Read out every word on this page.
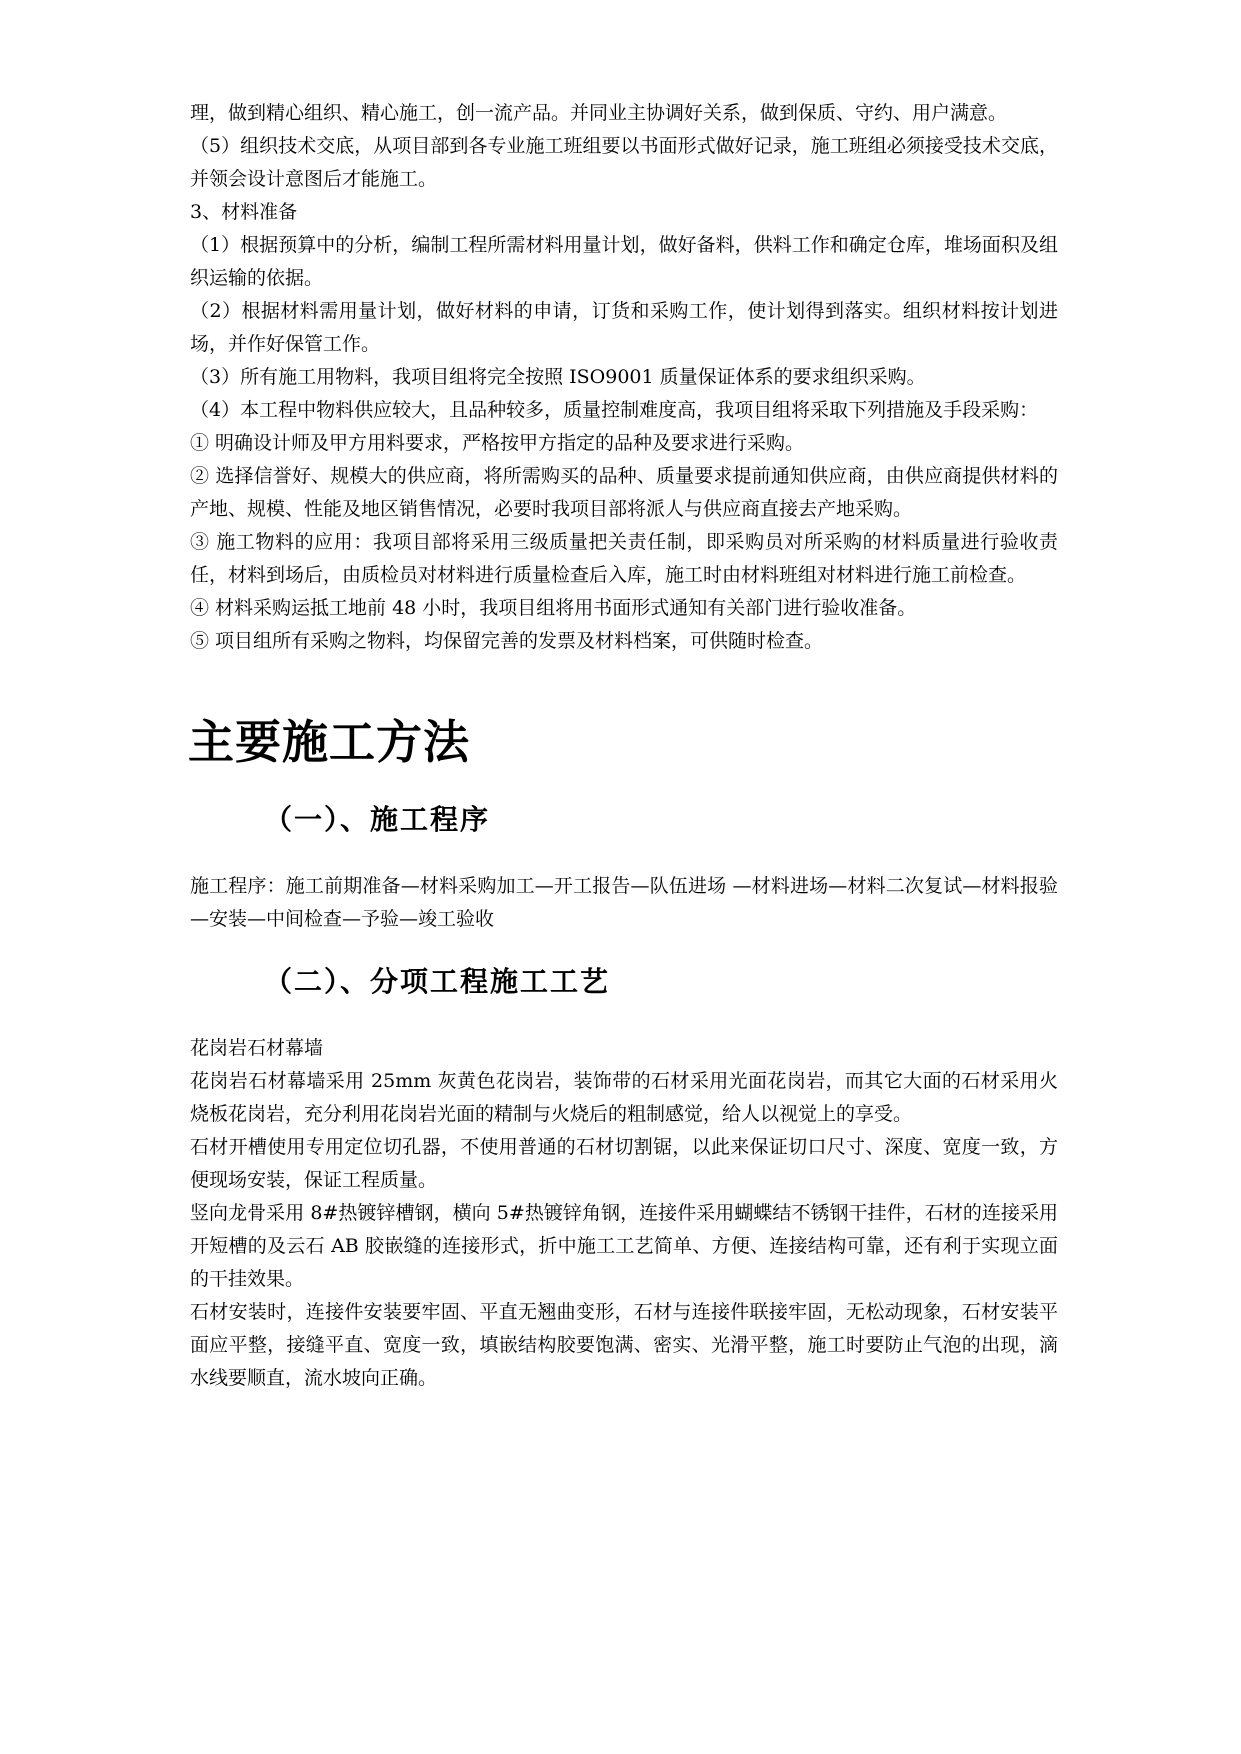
理，做到精心组织、精心施工，创一流产品。并同业主协调好关系，做到保质、守约、用户满意。

（5）组织技术交底，从项目部到各专业施工班组要以书面形式做好记录，施工班组必须接受技术交底，并领会设计意图后才能施工。

3、材料准备

（1）根据预算中的分析，编制工程所需材料用量计划，做好备料，供料工作和确定仓库，堆场面积及组织运输的依据。

（2）根据材料需用量计划，做好材料的申请，订货和采购工作，使计划得到落实。组织材料按计划进场，并作好保管工作。

（3）所有施工用物料，我项目组将完全按照 ISO9001 质量保证体系的要求组织采购。

（4）本工程中物料供应较大，且品种较多，质量控制难度高，我项目组将采取下列措施及手段采购：

① 明确设计师及甲方用料要求，严格按甲方指定的品种及要求进行采购。

② 选择信誉好、规模大的供应商，将所需购买的品种、质量要求提前通知供应商，由供应商提供材料的产地、规模、性能及地区销售情况，必要时我项目部将派人与供应商直接去产地采购。

③ 施工物料的应用：我项目部将采用三级质量把关责任制，即采购员对所采购的材料质量进行验收责任，材料到场后，由质检员对材料进行质量检查后入库，施工时由材料班组对材料进行施工前检查。

④ 材料采购运抵工地前 48 小时，我项目组将用书面形式通知有关部门进行验收准备。

⑤ 项目组所有采购之物料，均保留完善的发票及材料档案，可供随时检查。

主要施工方法
（一）、施工程序

施工程序：施工前期准备—材料采购加工—开工报告—队伍进场 —材料进场—材料二次复试—材料报验—安装—中间检查—予验—竣工验收

（二）、分项工程施工工艺

花岗岩石材幕墙

花岗岩石材幕墙采用 25mm 灰黄色花岗岩，装饰带的石材采用光面花岗岩，而其它大面的石材采用火烧板花岗岩，充分利用花岗岩光面的精制与火烧后的粗制感觉，给人以视觉上的享受。

石材开槽使用专用定位切孔器，不使用普通的石材切割锯，以此来保证切口尺寸、深度、宽度一致，方便现场安装，保证工程质量。

竖向龙骨采用 8#热镀锌槽钢，横向 5#热镀锌角钢，连接件采用蝴蝶结不锈钢干挂件，石材的连接采用开短槽的及云石 AB 胶嵌缝的连接形式，折中施工工艺简单、方便、连接结构可靠，还有利于实现立面的干挂效果。

石材安装时，连接件安装要牢固、平直无翘曲变形，石材与连接件联接牢固，无松动现象，石材安装平面应平整，接缝平直、宽度一致，填嵌结构胶要饱满、密实、光滑平整，施工时要防止气泡的出现，滴水线要顺直，流水坡向正确。
